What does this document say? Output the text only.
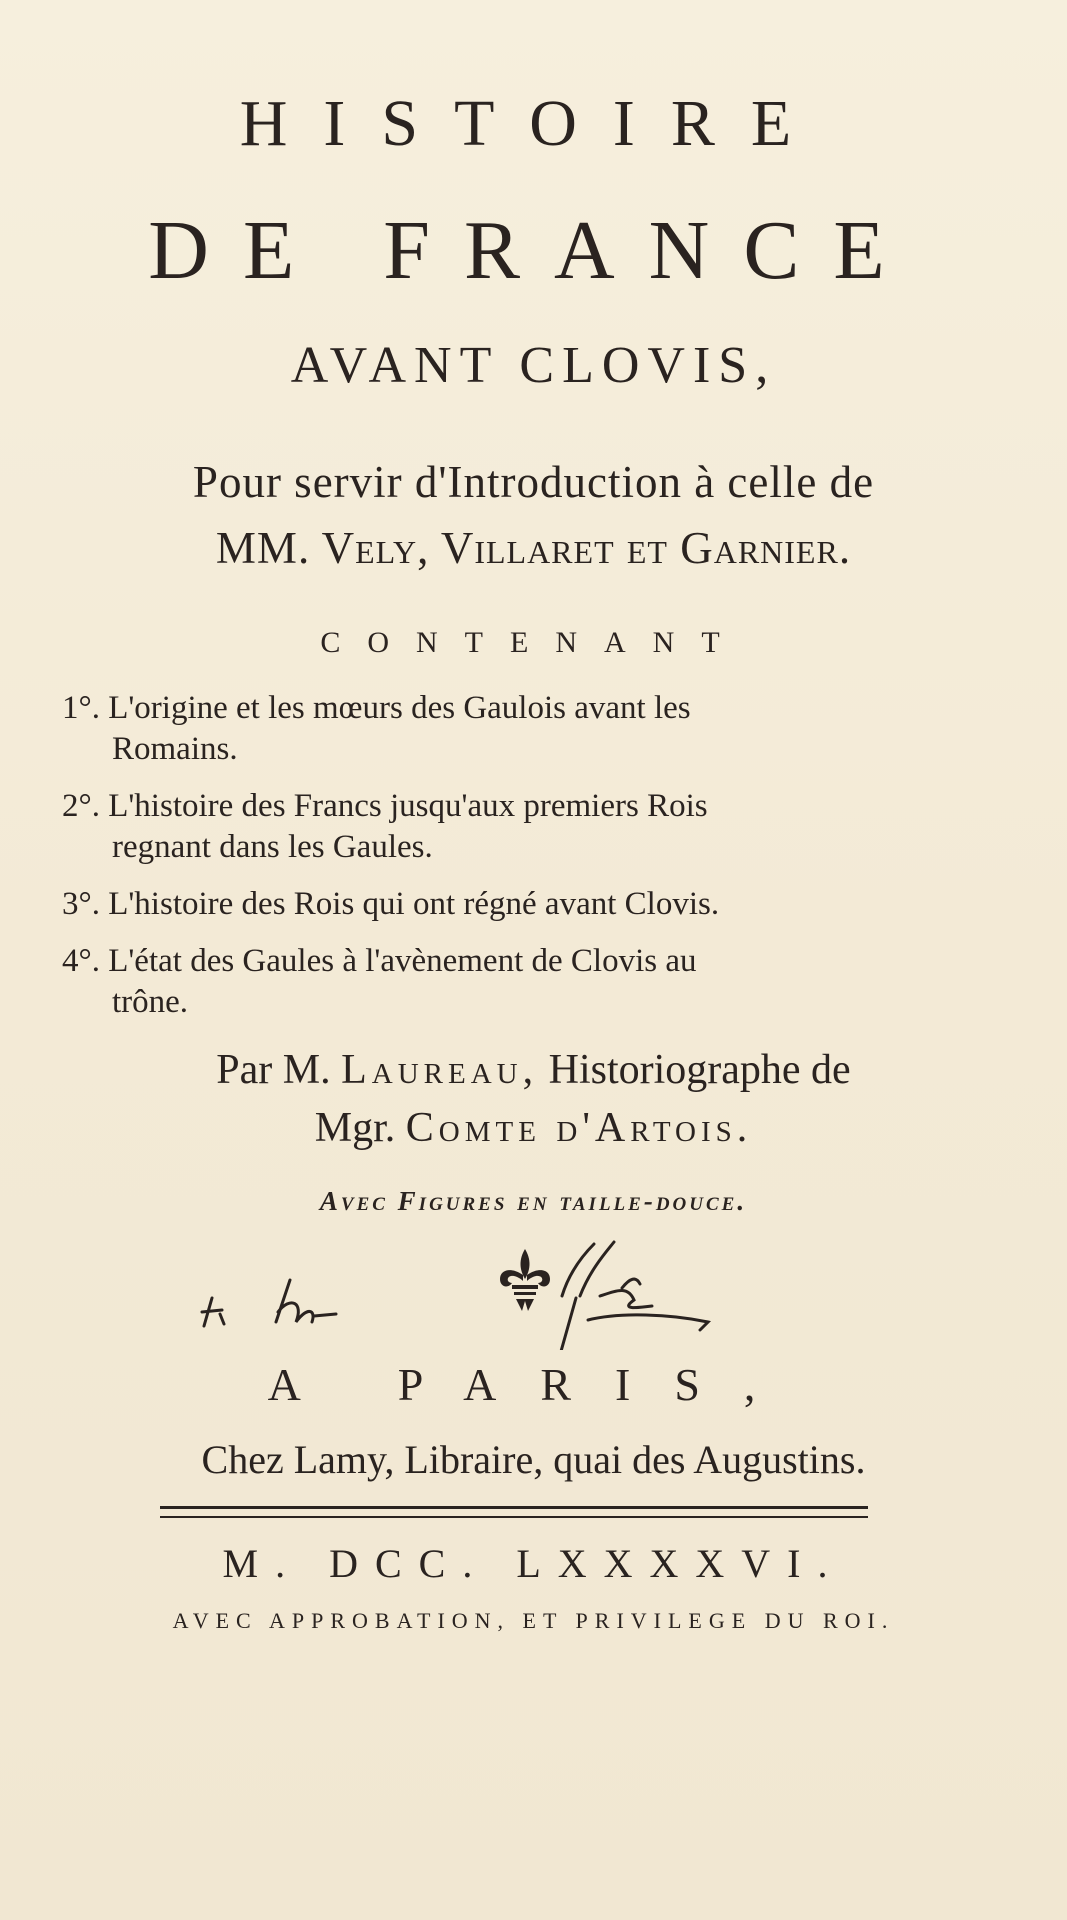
HISTOIRE
DE FRANCE
AVANT CLOVIS,
Pour servir d'Introduction à celle de
MM. Vely, Villaret et Garnier.
CONTENANT
1°. L'origine et les mœurs des Gaulois avant les
Romains.
2°. L'histoire des Francs jusqu'aux premiers Rois
regnant dans les Gaules.
3°. L'histoire des Rois qui ont régné avant Clovis.
4°. L'état des Gaules à l'avènement de Clovis au
trône.
Par M. Laureau, Historiographe de
Mgr. Comte d'Artois.
Avec Figures en taille-douce.
A PARIS,
Chez Lamy, Libraire, quai des Augustins.
M. DCC. LXXXXVI.
AVEC APPROBATION, ET PRIVILEGE DU ROI.
